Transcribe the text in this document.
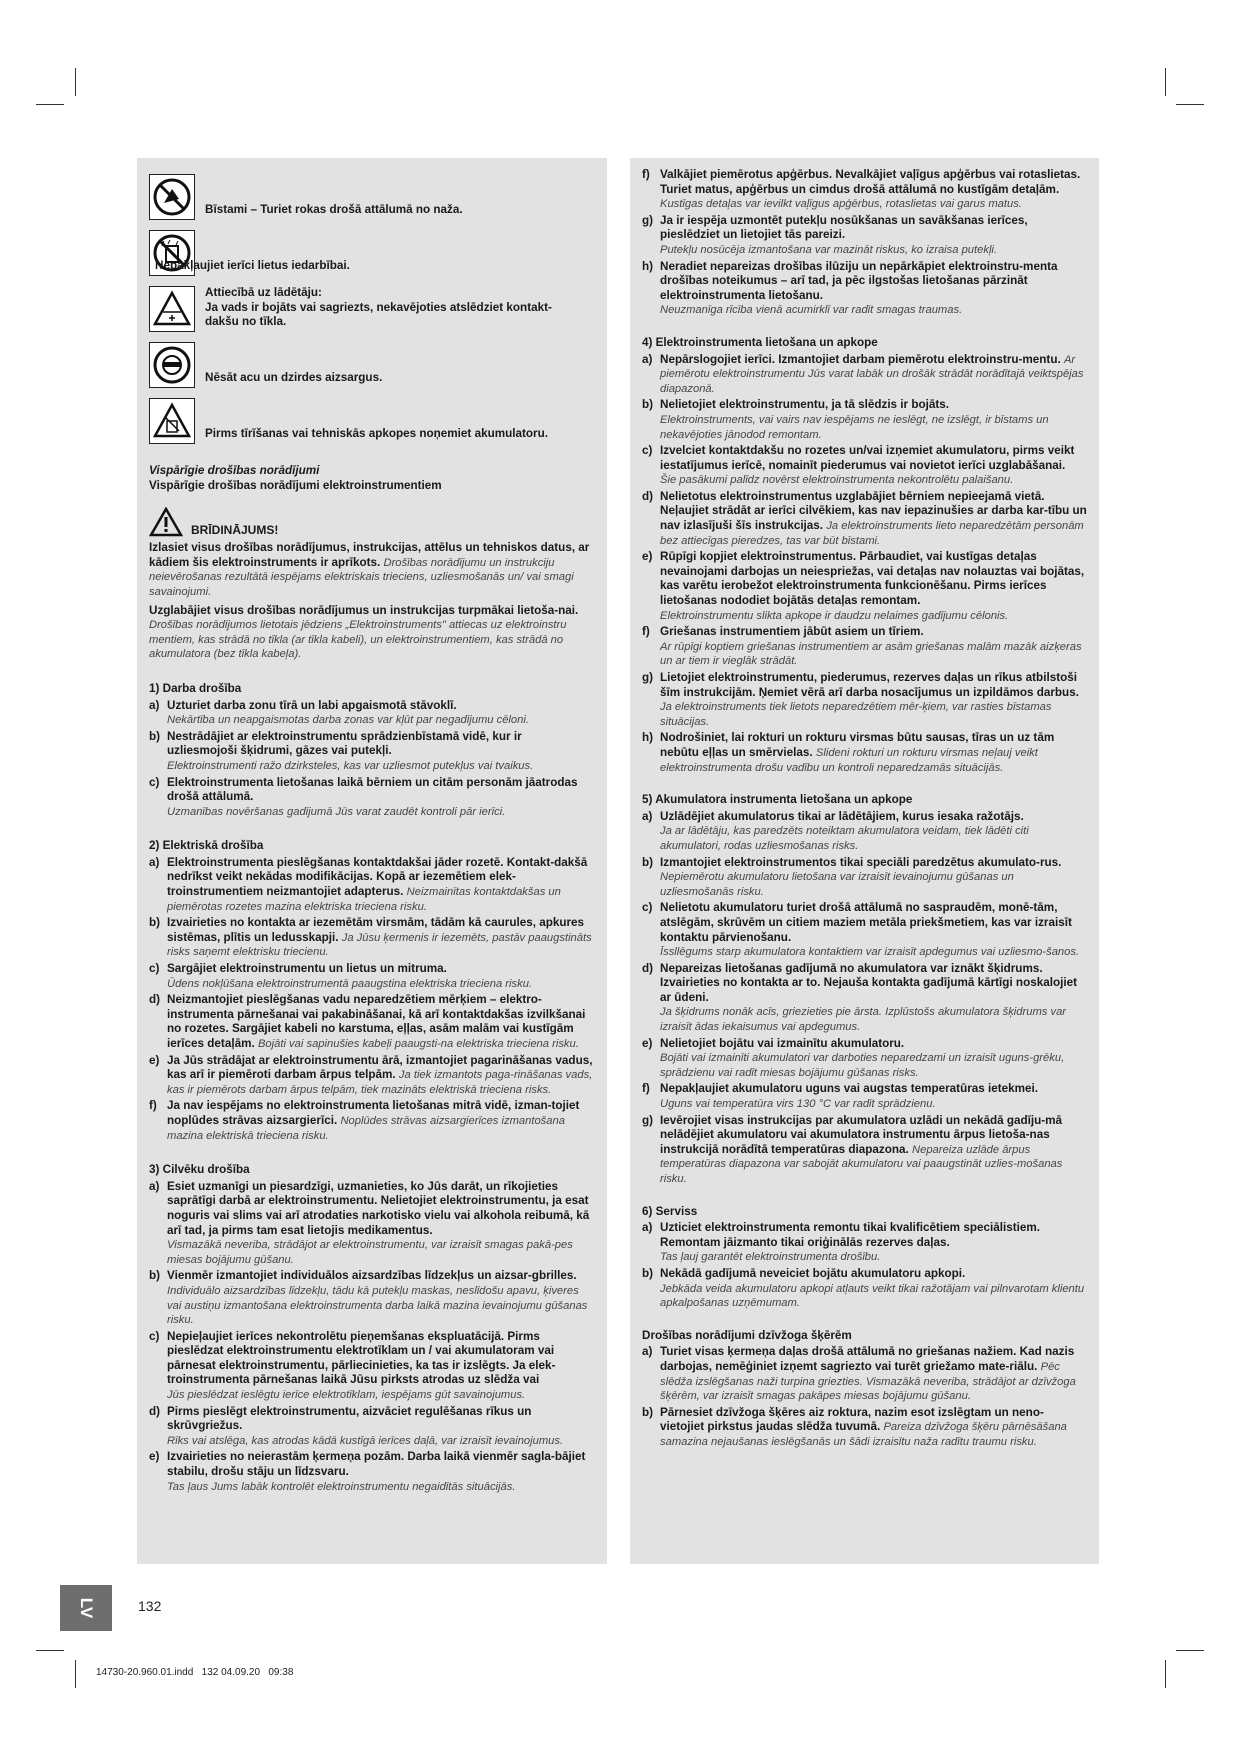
Bīstami – Turiet rokas drošā attālumā no naža.
Nepakļaujiet ierīci lietus iedarbībai.
Attiecībā uz lādētāju:
Ja vads ir bojāts vai sagriezts, nekavējoties atslēdziet kontakt-
dakšu no tīkla.
Nēsāt acu un dzirdes aizsargus.
Pirms tīrīšanas vai tehniskās apkopes noņemiet akumulatoru.
Vispārīgie drošības norādījumi
Vispārīgie drošības norādījumi elektroinstrumentiem
BRĪDINĀJUMS!

Izlasiet visus drošības norādījumus, instrukcijas, attēlus un tehniskos datus, ar kādiem šis elektroinstruments ir aprīkots. Drošības norādījumu un instrukciju neievērošanas rezultātā iespējams elektriskais trieciens, uzliesmošanās un/ vai smagi savainojumi.

Uzglabājiet visus drošības norādījumus un instrukcijas turpmākai lietoša-nai. Drošības norādījumos lietotais jēdziens „Elektroinstruments" attiecas uz elektroinstru mentiem, kas strādā no tīkla (ar tīkla kabeli), un elektroinstrumentiem, kas strādā no akumulatora (bez tīkla kabeļa).

1) Darba drošība
a) Uzturiet darba zonu tīrā un labi apgaismotā stāvoklī.
Nekārtība un neapgaismotas darba zonas var kļūt par negadījumu cēloni.
b) Nestrādājiet ar elektroinstrumentu sprādzienbīstamā vidē, kur ir uzliesmojoši šķidrumi, gāzes vai putekļi.
Elektroinstrumenti ražo dzirksteles, kas var uzliesmot putekļus vai tvaikus.
c) Elektroinstrumenta lietošanas laikā bērniem un citām personām jāatrodas drošā attālumā.
Uzmanības novēršanas gadījumā Jūs varat zaudēt kontroli pār ierīci.
2) Elektriskā drošība
a) Elektroinstrumenta pieslēgšanas kontaktdakšai jāder rozetē. Kontakt-dakšā nedrīkst veikt nekādas modifikācijas. Kopā ar iezemētiem elek-troinstrumentiem neizmantojiet adapterus. Neizmainītas kontaktdakšas un piemērotas rozetes mazina elektriska trieciena risku.
b) Izvairieties no kontakta ar iezemētām virsmām, tādām kā caurules, apkures sistēmas, plītis un ledusskapji. Ja Jūsu ķermenis ir iezemēts, pastāv paaugstināts risks saņemt elektrisku triecienu.
c) Sargājiet elektroinstrumentu un lietus un mitruma.
Ūdens nokļūšana elektroinstrumentā paaugstina elektriska trieciena risku.
d) Neizmantojiet pieslēgšanas vadu neparedzētiem mērķiem – elektro-instrumenta pārnešanai vai pakabināšanai, kā arī kontaktdakšas izvilkšanai no rozetes. Sargājiet kabeli no karstuma, eļļas, asām malām vai kustīgām ierīces detaļām. Bojāti vai sapinušies kabeļi paaugsti-na elektriska trieciena risku.
e) Ja Jūs strādājat ar elektroinstrumentu ārā, izmantojiet pagarināšanas vadus, kas arī ir piemēroti darbam ārpus telpām. Ja tiek izmantots paga-rināšanas vads, kas ir piemērots darbam ārpus telpām, tiek mazināts elektriskā trieciena risks.
f) Ja nav iespējams no elektroinstrumenta lietošanas mitrā vidē, izman-tojiet noplūdes strāvas aizsargierīci. Noplūdes strāvas aizsargierīces izmantošana mazina elektriskā trieciena risku.
3) Cilvēku drošība
a) Esiet uzmanīgi un piesardzīgi, uzmanieties, ko Jūs darāt, un rīkojieties saprātīgi darbā ar elektroinstrumentu. Nelietojiet elektroinstrumentu, ja esat noguris vai slims vai arī atrodaties narkotisko vielu vai alkohola reibumā, kā arī tad, ja pirms tam esat lietojis medikamentus.
Vismazākā neveriba, strādājot ar elektroinstrumentu, var izraisīt smagas pakā-pes miesas bojājumu gūšanu.
b) Vienmēr izmantojiet individuālos aizsardzības līdzekļus un aizsar-gbrilles. Individuālo aizsardzības līdzekļu, tādu kā putekļu maskas, neslīdošu apavu, ķiveres vai austiņu izmantošana elektroinstrumenta darba laikā mazina ievainojumu gūšanas risku.
c) Nepieļaujiet ierīces nekontrolētu pieņemšanas ekspluatācijā. Pirms pieslēdzat elektroinstrumentu elektrotīklam un / vai akumulatoram vai pārnesat elektroinstrumentu, pārliecinieties, ka tas ir izslēgts. Ja elek-troinstrumenta pārnešanas laikā Jūsu pirksts atrodas uz slēdža vai
Jūs pieslēdzat ieslēgtu ierīce elektrotīklam, iespējams gūt savainojumus.
d) Pirms pieslēgt elektroinstrumentu, aizvāciet regulēšanas rīkus un skrūvgriežus.
Rīks vai atslēga, kas atrodas kādā kustīgā ierīces daļā, var izraisīt ievainojumus.
e) Izvairieties no neierastām ķermeņa pozām. Darba laikā vienmēr sagla-bājiet stabilu, drošu stāju un līdzsvaru.
Tas ļaus Jums labāk kontrolēt elektroinstrumentu negaidītās situācijās.
f) Valkājiet piemērotus apģērbus. Nevalkājiet vaļīgus apģērbus vai rotaslietas. Turiet matus, apģērbus un cimdus drošā attālumā no kustīgām detaļām.
Kustīgas detaļas var ievilkt vaļīgus apģērbus, rotaslietas vai garus matus.
g) Ja ir iespēja uzmontēt putekļu nosūkšanas un savākšanas ierīces, pieslēdziet un lietojiet tās pareizi.
Putekļu nosūcēja izmantošana var mazināt riskus, ko izraisa putekļi.
h) Neradiet nepareizas drošības ilūziju un nepārkāpiet elektroinstru-menta drošības noteikumus – arī tad, ja pēc ilgstošas lietošanas pārzināt elektroinstrumenta lietošanu.
Neuzmanīga rīcība vienā acumirklī var radīt smagas traumas.
4) Elektroinstrumenta lietošana un apkope
a) Nepārslogojiet ierīci. Izmantojiet darbam piemērotu elektroinstru-mentu. Ar piemērotu elektroinstrumentu Jūs varat labāk un drošāk strādāt norādītajā veiktspējas diapazonā.
b) Nelietojiet elektroinstrumentu, ja tā slēdzis ir bojāts.
Elektroinstruments, vai vairs nav iespējams ne ieslēgt, ne izslēgt, ir bīstams un nekavējoties jānodod remontam.
c) Izvelciet kontaktdakšu no rozetes un/vai izņemiet akumulatoru, pirms veikt iestatījumus ierīcē, nomainīt piederumus vai novietot ierīci uzglabāšanai.
Šie pasākumi palīdz novērst elektroinstrumenta nekontrolētu palaišanu.
d) Nelietotus elektroinstrumentus uzglabājiet bērniem nepieejamā vietā. Neļaujiet strādāt ar ierīci cilvēkiem, kas nav iepazinušies ar darba kar-tību un nav izlasījuši šīs instrukcijas. Ja elektroinstruments lieto neparedzētām personām bez attiecīgas pieredzes, tas var būt bīstami.
e) Rūpīgi kopjiet elektroinstrumentus. Pārbaudiet, vai kustīgas detaļas nevainojami darbojas un neiespriežas, vai detaļas nav nolauztas vai bojātas, kas varētu ierobežot elektroinstrumenta funkcionēšanu. Pirms ierīces lietošanas nododiet bojātās detaļas remontam.
Elektroinstrumentu slikta apkope ir daudzu nelaimes gadījumu cēlonis.
f) Griešanas instrumentiem jābūt asiem un tīriem.
Ar rūpīgi koptiem griešanas instrumentiem ar asām griešanas malām mazāk aizķeras un ar tiem ir vieglāk strādāt.
g) Lietojiet elektroinstrumentu, piederumus, rezerves daļas un rīkus atbilstoši šīm instrukcijām. Ņemiet vērā arī darba nosacījumus un izpildāmos darbus. Ja elektroinstruments tiek lietots neparedzētiem mēr-ķiem, var rasties bīstamas situācijas.
h) Nodrošiniet, lai rokturi un rokturu virsmas būtu sausas, tīras un uz tām nebūtu eļļas un smērvielas. Slideni rokturi un rokturu virsmas neļauj veikt elektroinstrumenta drošu vadību un kontroli neparedzamās situācijās.
5) Akumulatora instrumenta lietošana un apkope
a) Uzlādējiet akumulatorus tikai ar lādētājiem, kurus iesaka ražotājs.
Ja ar lādētāju, kas paredzēts noteiktam akumulatora veidam, tiek lādēti citi akumulatori, rodas uzliesmošanas risks.
b) Izmantojiet elektroinstrumentos tikai speciāli paredzētus akumulato-rus. Nepiemērotu akumulatoru lietošana var izraisīt ievainojumu gūšanas un uzliesmošanās risku.
c) Nelietotu akumulatoru turiet drošā attālumā no saspraudēm, monē-tām, atslēgām, skrūvēm un citiem maziem metāla priekšmetiem, kas var izraisīt kontaktu pārvienošanu.
Īssllēgums starp akumulatora kontaktiem var izraisīt apdegumus vai uzliesmo-šanos.
d) Nepareizas lietošanas gadījumā no akumulatora var iznākt šķidrums. Izvairieties no kontakta ar to. Nejauša kontakta gadījumā kārtīgi noskalojiet ar ūdeni.
Ja šķidrums nonāk acīs, griezieties pie ārsta. Izplūstošs akumulatora šķidrums var izraisīt ādas iekaisumus vai apdegumus.
e) Nelietojiet bojātu vai izmainītu akumulatoru.
Bojāti vai izmainīti akumulatori var darboties neparedzami un izraisīt uguns-grēku, sprādzienu vai radīt miesas bojājumu gūšanas risks.
f) Nepakļaujiet akumulatoru uguns vai augstas temperatūras ietekmei.
Uguns vai temperatūra virs 130 °C var radīt sprādzienu.
g) Ievērojiet visas instrukcijas par akumulatora uzlādi un nekādā gadīju-mā nelādējiet akumulatoru vai akumulatora instrumentu ārpus lietoša-nas instrukcijā norādītā temperatūras diapazona. Nepareiza uzlāde ārpus temperatūras diapazona var sabojāt akumulatoru vai paaugstināt uzlies-mošanas risku.
6) Serviss
a) Uzticiet elektroinstrumenta remontu tikai kvalificētiem speciālistiem. Remontam jāizmanto tikai oriģinālās rezerves daļas.
Tas ļauj garantēt elektroinstrumenta drošību.
b) Nekādā gadījumā neveiciet bojātu akumulatoru apkopi.
Jebkāda veida akumulatoru apkopi atļauts veikt tikai ražotājam vai pilnvarotam klientu apkalpošanas uzņēmumam.
Drošības norādījumi dzīvžoga šķērēm
a) Turiet visas ķermeņa daļas drošā attālumā no griešanas nažiem. Kad nazis darbojas, nemēģiniet izņemt sagriezto vai turēt griežamo mate-riālu. Pēc slēdža izslēgšanas naži turpina griezties. Vismazākā neveriba, strādājot ar dzīvžoga šķērēm, var izraisīt smagas pakāpes miesas bojājumu gūšanu.
b) Pārnesiet dzīvžoga šķēres aiz roktura, nazim esot izslēgtam un neno-vietojiet pirkstus jaudas slēdža tuvumā. Pareiza dzīvžoga šķēru pārnēsāšana samazina nejaušanas ieslēgšanās un šādi izraisītu naža radītu traumu risku.
LV	132
14730-20.960.01.indd   132 04.09.20   09:38
